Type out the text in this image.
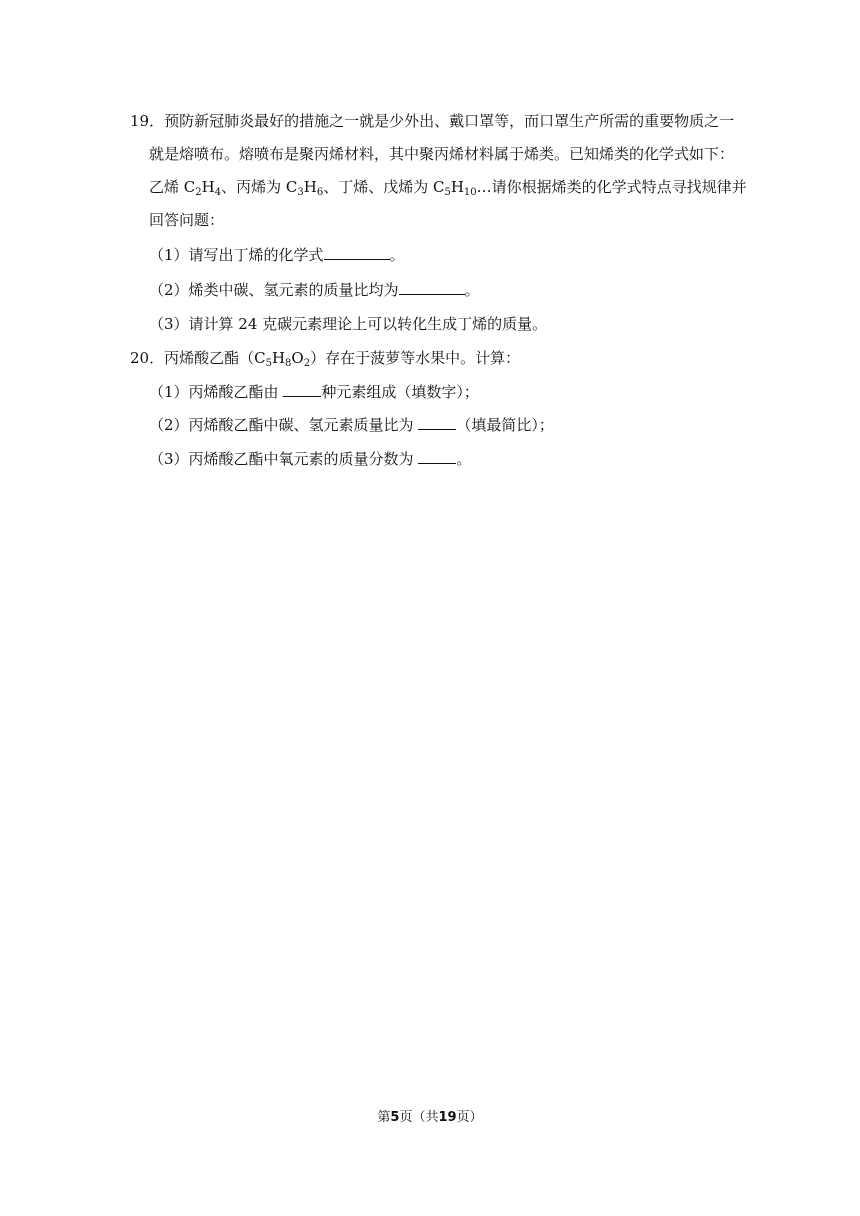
19．预防新冠肺炎最好的措施之一就是少外出、戴口罩等，而口罩生产所需的重要物质之一
就是熔喷布。熔喷布是聚丙烯材料，其中聚丙烯材料属于烯类。已知烯类的化学式如下：
乙烯 $C_2H_4$、丙烯为 $C_3H_6$、丁烯、戊烯为 $C_5H_{10}\dots$请你根据烯类的化学式特点寻找规律并
回答问题：
（1）请写出丁烯的化学式	。
（2）烯类中碳、氢元素的质量比均为	。
（3）请计算 24 克碳元素理论上可以转化生成丁烯的质量。
20．丙烯酸乙酯$(C_5H_8O_2)$存在于菠萝等水果中。计算：
（1）丙烯酸乙酯由	种元素组成（填数字）；
（2）丙烯酸乙酯中碳、氢元素质量比为	（填最简比）；
（3）丙烯酸乙酯中氧元素的质量分数为	。
第5页（共19页）
